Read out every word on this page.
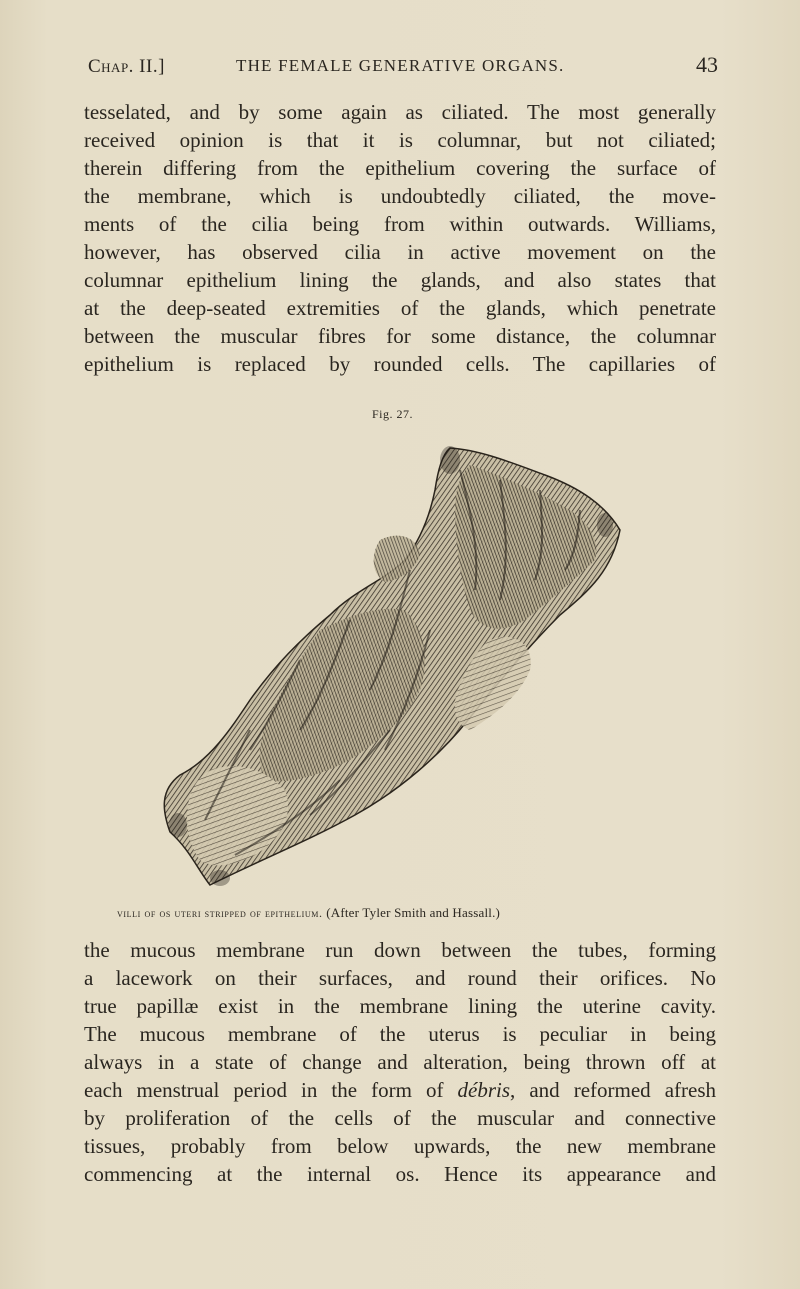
Chap. II.]	THE FEMALE GENERATIVE ORGANS.	43

tesselated, and by some again as ciliated. The most generally
received opinion is that it is columnar, but not ciliated;
therein differing from the epithelium covering the surface of
the membrane, which is undoubtedly ciliated, the move-
ments of the cilia being from within outwards. Williams,
however, has observed cilia in active movement on the
columnar epithelium lining the glands, and also states that
at the deep-seated extremities of the glands, which penetrate
between the muscular fibres for some distance, the columnar
epithelium is replaced by rounded cells. The capillaries of

Fig. 27.
villi of os uteri stripped of epithelium. (After Tyler Smith and Hassall.)

the mucous membrane run down between the tubes, forming
a lacework on their surfaces, and round their orifices. No
true papillæ exist in the membrane lining the uterine cavity.
The mucous membrane of the uterus is peculiar in being
always in a state of change and alteration, being thrown off at
each menstrual period in the form of débris, and reformed afresh
by proliferation of the cells of the muscular and connective
tissues, probably from below upwards, the new membrane
commencing at the internal os. Hence its appearance and
